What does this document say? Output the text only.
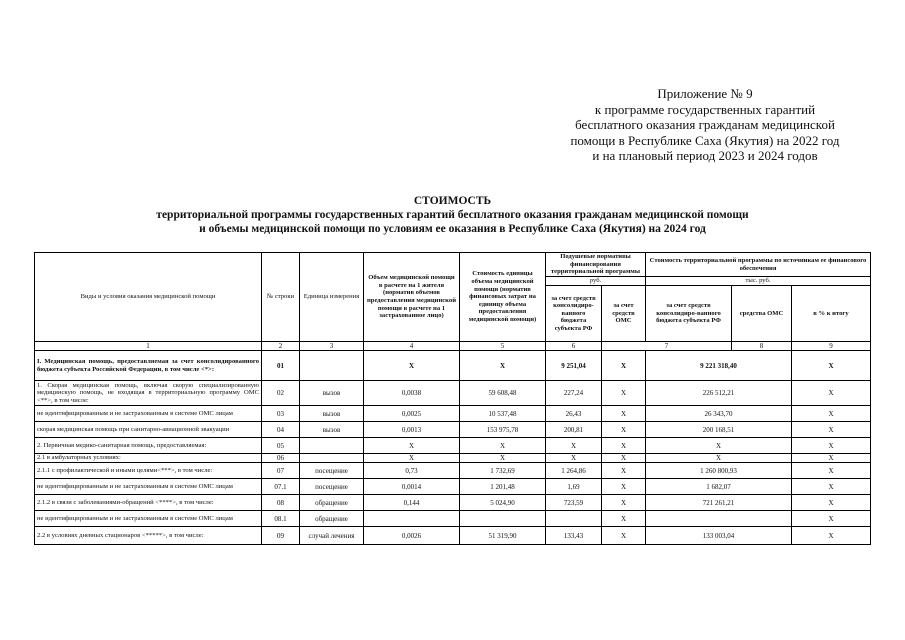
Приложение № 9
к программе государственных гарантий
бесплатного оказания гражданам медицинской
помощи в Республике Саха (Якутия) на 2022 год
и на плановый период 2023 и 2024 годов
СТОИМОСТЬ
территориальной программы государственных гарантий бесплатного оказания гражданам медицинской помощи
и объемы медицинской помощи по условиям ее оказания в Республике Саха (Якутия) на 2024 год
Виды и условия оказания медицинской помощи	№ строки	Единица измерения	Объем медицинской помощи в расчете на 1 жителя (норматив объемов предоставления медицинской помощи в расчете на 1 застрахованное лицо)	Стоимость единицы объема медицинской помощи (норматив финансовых затрат на единицу объема предоставления медицинской помощи)	Подушевые нормативы финансирования территориальной программы		Стоимость территориальной программы по источникам ее финансового обеспечения			
					руб.		тыс. руб.			
					за счет средств консолидиро-ванного бюджета субъекта РФ	за счет средств ОМС	за счет средств консолидиро-ванного бюджета субъекта РФ	средства ОМС	в % к итогу	

1	2	3	4	5	6	7		8	9	
I. Медицинская помощь, предоставляемая за счет консолидированного бюджета субъекта Российской Федерации, в том числе <*>:	01		X	X	9 251,04	X	9 221 318,40		X	
1. Скорая медицинская помощь, включая скорую специализированную медицинскую помощь, не входящая в территориальную программу ОМС <**>, в том числе:	02	вызов	0,0038	59 608,48	227,24	X	226 512,21		X	
не идентифицированным и не застрахованным в системе ОМС лицам	03	вызов	0,0025	10 537,48	26,43	X	26 343,70		X	
скорая медицинская помощь при санитарно-авиационной эвакуации	04	вызов	0,0013	153 975,78	200,81	X	200 168,51		X	
2. Первичная медико-санитарная помощь, предоставляемая:	05		X	X	X	X	X		X	
2.1 в амбулаторных условиях:	06		X	X	X	X	X		X	
2.1.1 с профилактической и иными целями<***>, в том числе:	07	посещение	0,73	1 732,69	1 264,86	X	1 260 800,93		X	
не идентифицированным и не застрахованным в системе ОМС лицам	07.1	посещение	0,0014	1 201,48	1,69	X	1 682,07		X	
2.1.2 в связи с заболеваниями-обращений <****>, в том числе:	08	обращение	0,144	5 024,90	723,59	X	721 261,21		X	
не идентифицированным и не застрахованным в системе ОМС лицам	08.1	обращение				X			X	
2.2 в условиях дневных стационаров <*****>, в том числе:	09	случай лечения	0,0026	51 319,90	133,43	X	133 003,04		X	
